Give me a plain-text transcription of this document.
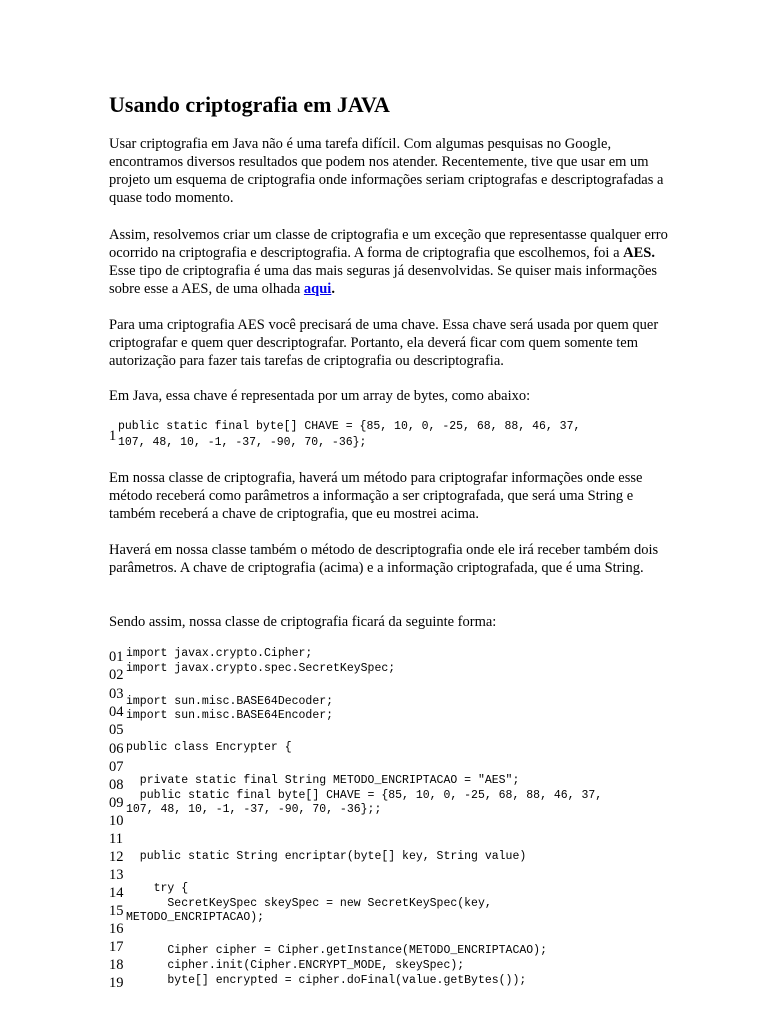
Usando criptografia em JAVA

Usar criptografia em Java não é uma tarefa difícil. Com algumas pesquisas no Google, encontramos diversos resultados que podem nos atender. Recentemente, tive que usar em um projeto um esquema de criptografia onde informações seriam criptografas e descriptografadas a quase todo momento.

Assim, resolvemos criar um classe de criptografia e um exceção que representasse qualquer erro ocorrido na criptografia e descriptografia. A forma de criptografia que escolhemos, foi a AES. Esse tipo de criptografia é uma das mais seguras já desenvolvidas. Se quiser mais informações sobre esse a AES, de uma olhada aqui.

Para uma criptografia AES você precisará de uma chave. Essa chave será usada por quem quer criptografar e quem quer descriptografar. Portanto, ela deverá ficar com quem somente tem autorização para fazer tais tarefas de criptografia ou descriptografia.

Em Java, essa chave é representada por um array de bytes, como abaixo:

1
public static final byte[] CHAVE = {85, 10, 0, -25, 68, 88, 46, 37,
107, 48, 10, -1, -37, -90, 70, -36};

Em nossa classe de criptografia, haverá um método para criptografar informações onde esse método receberá como parâmetros a informação a ser criptografada, que será uma String e também receberá a chave de criptografia, que eu mostrei acima.

Haverá em nossa classe também o método de descriptografia onde ele irá receber também dois parâmetros. A chave de criptografia (acima) e a informação criptografada, que é uma String.

Sendo assim, nossa classe de criptografia ficará da seguinte forma:

01 import javax.crypto.Cipher;
02 import javax.crypto.spec.SecretKeySpec;
03
04
import sun.misc.BASE64Decoder;
05
import sun.misc.BASE64Encoder;
06 public class Encrypter {
07
08 private static final String METODO_ENCRIPTACAO = "AES";
09 public static final byte[] CHAVE = {85, 10, 0, -25, 68, 88, 46, 37,
10
107, 48, 10, -1, -37, -90, 70, -36};;
11
12 public static String encriptar(byte[] key, String value)
13
14 try {
15 SecretKeySpec skeySpec = new SecretKeySpec(key,
16
METODO_ENCRIPTACAO);
17
18
Cipher cipher = Cipher.getInstance(METODO_ENCRIPTACAO);
19
cipher.init(Cipher.ENCRYPT_MODE, skeySpec);
byte[] encrypted = cipher.doFinal(value.getBytes());
